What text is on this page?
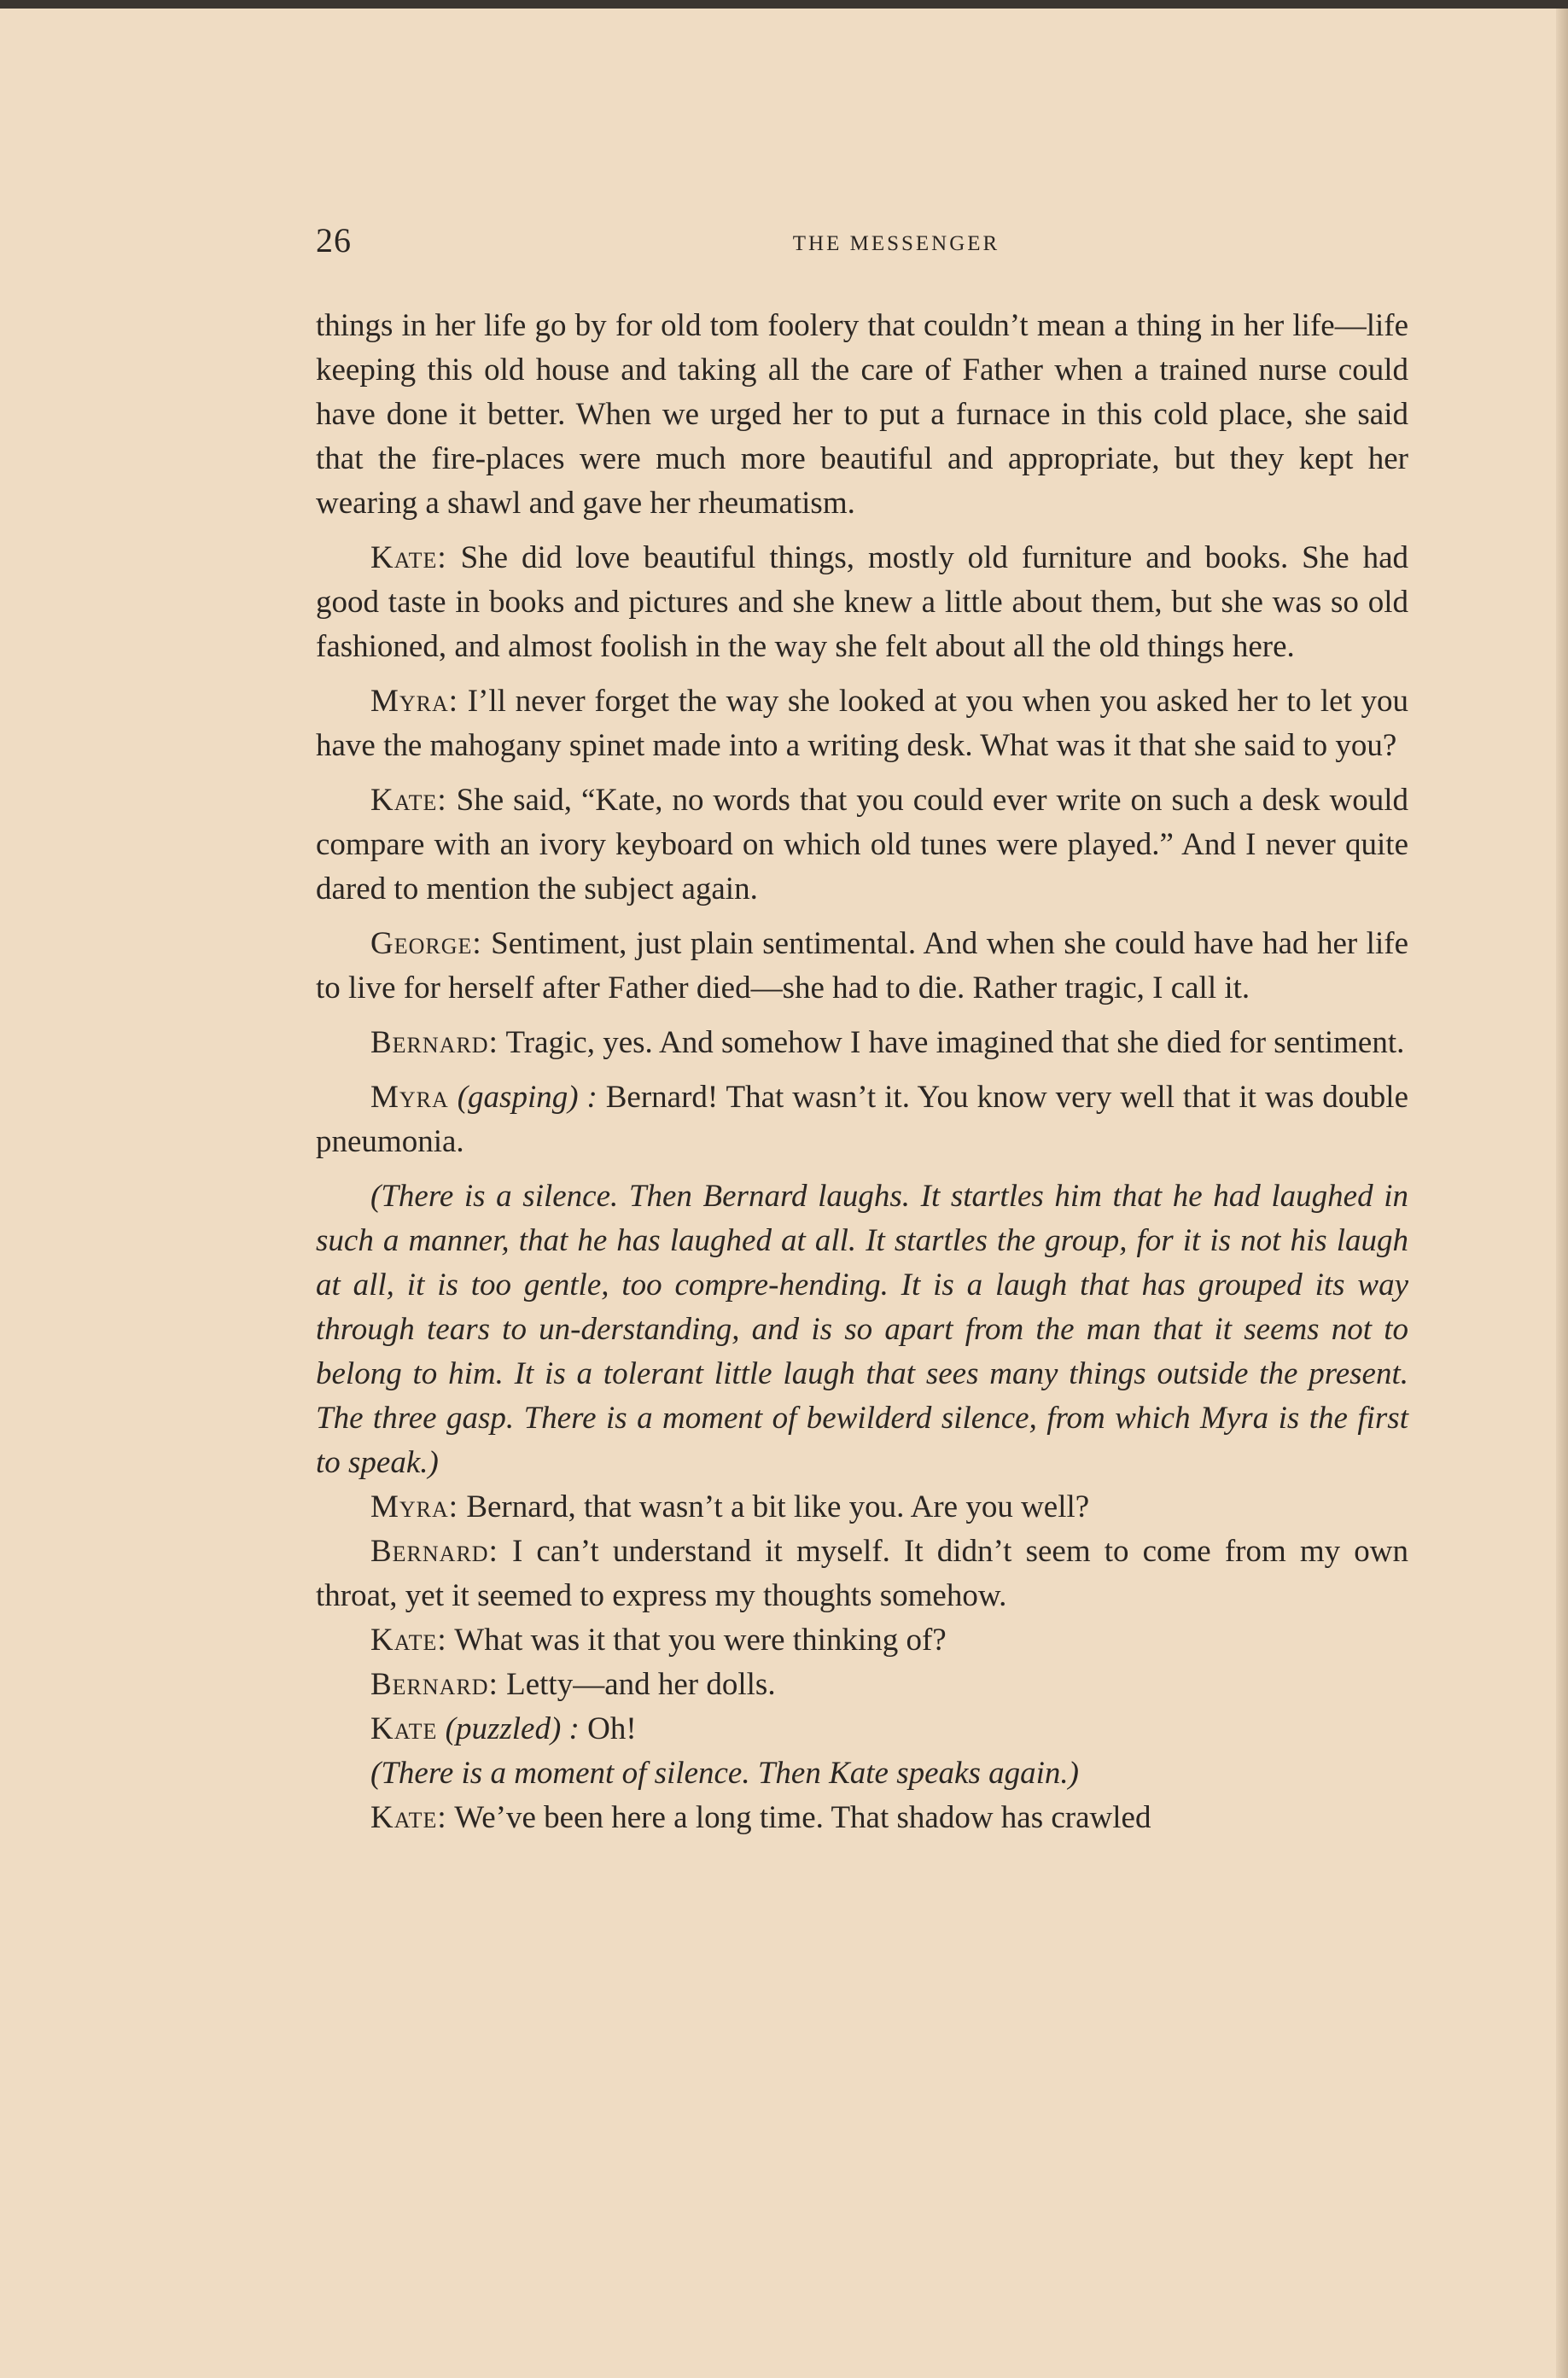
26	THE MESSENGER

things in her life go by for old tom foolery that couldn’t mean a thing in her life—life keeping this old house and taking all the care of Father when a trained nurse could have done it better. When we urged her to put a furnace in this cold place, she said that the fire-places were much more beautiful and appropriate, but they kept her wearing a shawl and gave her rheumatism.

Kate: She did love beautiful things, mostly old furniture and books. She had good taste in books and pictures and she knew a little about them, but she was so old fashioned, and almost foolish in the way she felt about all the old things here.

Myra: I’ll never forget the way she looked at you when you asked her to let you have the mahogany spinet made into a writing desk. What was it that she said to you?

Kate: She said, “Kate, no words that you could ever write on such a desk would compare with an ivory keyboard on which old tunes were played.” And I never quite dared to mention the subject again.

George: Sentiment, just plain sentimental. And when she could have had her life to live for herself after Father died—she had to die. Rather tragic, I call it.

Bernard: Tragic, yes. And somehow I have imagined that she died for sentiment.

Myra (gasping) : Bernard! That wasn’t it. You know very well that it was double pneumonia.

(There is a silence. Then Bernard laughs. It startles him that he had laughed in such a manner, that he has laughed at all. It startles the group, for it is not his laugh at all, it is too gentle, too compre-hending. It is a laugh that has grouped its way through tears to un-derstanding, and is so apart from the man that it seems not to belong to him. It is a tolerant little laugh that sees many things outside the present. The three gasp. There is a moment of bewilderd silence, from which Myra is the first to speak.)

Myra: Bernard, that wasn’t a bit like you. Are you well?

Bernard: I can’t understand it myself. It didn’t seem to come from my own throat, yet it seemed to express my thoughts somehow.

Kate: What was it that you were thinking of?

Bernard: Letty—and her dolls.

Kate (puzzled) : Oh!

(There is a moment of silence. Then Kate speaks again.)

Kate: We’ve been here a long time. That shadow has crawled
